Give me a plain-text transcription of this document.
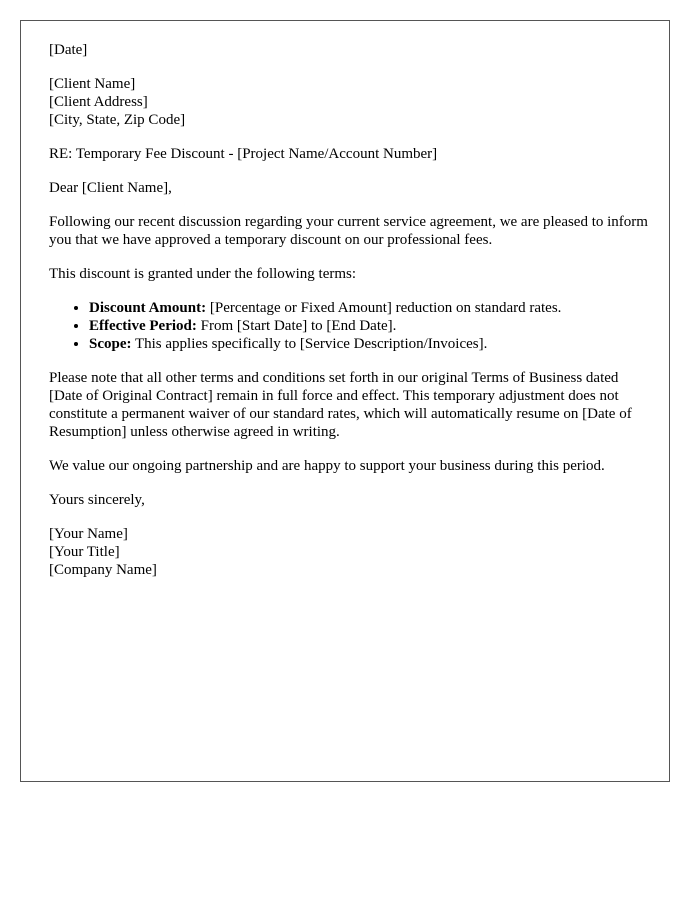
[Date]

[Client Name]
[Client Address]
[City, State, Zip Code]

RE: Temporary Fee Discount - [Project Name/Account Number]

Dear [Client Name],

Following our recent discussion regarding your current service agreement, we are pleased to inform you that we have approved a temporary discount on our professional fees.

This discount is granted under the following terms:

• Discount Amount: [Percentage or Fixed Amount] reduction on standard rates.
• Effective Period: From [Start Date] to [End Date].
• Scope: This applies specifically to [Service Description/Invoices].

Please note that all other terms and conditions set forth in our original Terms of Business dated [Date of Original Contract] remain in full force and effect. This temporary adjustment does not constitute a permanent waiver of our standard rates, which will automatically resume on [Date of Resumption] unless otherwise agreed in writing.

We value our ongoing partnership and are happy to support your business during this period.

Yours sincerely,

[Your Name]
[Your Title]
[Company Name]
